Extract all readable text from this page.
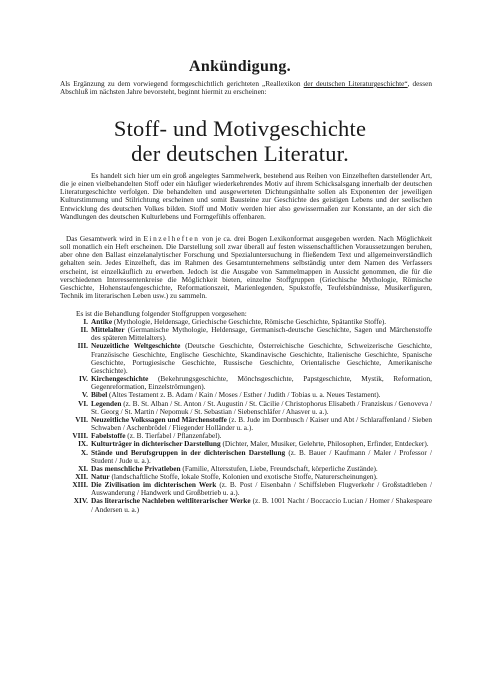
Ankündigung.
Als Ergänzung zu dem vorwiegend formgeschichtlich gerichteten „Reallexikon der deutschen Literaturgeschichte“, dessen Abschluß im nächsten Jahre bevorsteht, beginnt hiermit zu erscheinen:
Stoff- und Motivgeschichte
der deutschen Literatur.
Es handelt sich hier um ein groß angelegtes Sammelwerk, bestehend aus Reihen von Einzelheften darstellender Art, die je einen vielbehandelten Stoff oder ein häufiger wiederkehrendes Motiv auf ihrem Schicksalsgang innerhalb der deutschen Literaturgeschichte verfolgen. Die behandelten und ausgewerteten Dichtungsinhalte sollen als Exponenten der jeweiligen Kulturstimmung und Stilrichtung erscheinen und somit Bausteine zur Geschichte des geistigen Lebens und der seelischen Entwicklung des deutschen Volkes bilden. Stoff und Motiv werden hier also gewissermaßen zur Konstante, an der sich die Wandlungen des deutschen Kulturlebens und Formgefühls offenbaren.
Das Gesamtwerk wird in Einzelheften von je ca. drei Bogen Lexikonformat ausgegeben werden. Nach Möglichkeit soll monatlich ein Heft erscheinen. Die Darstellung soll zwar überall auf festen wissenschaftlichen Voraussetzungen beruhen, aber ohne den Ballast einzelanalytischer Forschung und Spezialuntersuchung in fließendem Text und allgemeinverständlich gehalten sein. Jedes Einzelheft, das im Rahmen des Gesamtunternehmens selbständig unter dem Namen des Verfassers erscheint, ist einzelkäuflich zu erwerben. Jedoch ist die Ausgabe von Sammelmappen in Aussicht genommen, die für die verschiedenen Interessentenkreise die Möglichkeit bieten, einzelne Stoffgruppen (Griechische Mythologie, Römische Geschichte, Hohenstaufengeschichte, Reformationszeit, Marienlegenden, Spukstoffe, Teufelsbündnisse, Musikerfiguren, Technik im literarischen Leben usw.) zu sammeln.
Es ist die Behandlung folgender Stoffgruppen vorgesehen:
I. Antike (Mythologie, Heldensage, Griechische Geschichte, Römische Geschichte, Spätantike Stoffe).
II. Mittelalter (Germanische Mythologie, Heldensage, Germanisch-deutsche Geschichte, Sagen und Märchenstoffe des späteren Mittelalters).
III. Neuzeitliche Weltgeschichte (Deutsche Geschichte, Österreichische Geschichte, Schweizerische Geschichte, Französische Geschichte, Englische Geschichte, Skandinavische Geschichte, Italienische Geschichte, Spanische Geschichte, Portugiesische Geschichte, Russische Geschichte, Orientalische Geschichte, Amerikanische Geschichte).
IV. Kirchengeschichte (Bekehrungsgeschichte, Mönchsgeschichte, Papstgeschichte, Mystik, Reformation, Gegenreformation, Einzelströmungen).
V. Bibel (Altes Testament z. B. Adam / Kain / Moses / Esther / Judith / Tobias u. a. Neues Testament).
VI. Legenden (z. B. St. Alban / St. Anton / St. Augustin / St. Cäcilie / Christophorus Elisabeth / Franziskus / Genoveva / St. Georg / St. Martin / Nepomuk / St. Sebastian / Siebenschläfer / Ahasver u. a.).
VII. Neuzeitliche Volkssagen und Märchenstoffe (z. B. Jude im Dornbusch / Kaiser und Abt / Schlaraffenland / Sieben Schwaben / Aschenbrödel / Fliegender Holländer u. a.).
VIII. Fabelstoffe (z. B. Tierfabel / Pflanzenfabel).
IX. Kulturträger in dichterischer Darstellung (Dichter, Maler, Musiker, Gelehrte, Philosophen, Erfinder, Entdecker).
X. Stände und Berufsgruppen in der dichterischen Darstellung (z. B. Bauer / Kaufmann / Maler / Professor / Student / Jude u. a.).
XI. Das menschliche Privatleben (Familie, Altersstufen, Liebe, Freundschaft, körperliche Zustände).
XII. Natur (landschaftliche Stoffe, lokale Stoffe, Kolonien und exotische Stoffe, Naturerscheinungen).
XIII. Die Zivilisation im dichterischen Werk (z. B. Post / Eisenbahn / Schiffsleben Flugverkehr / Großstadtleben / Auswanderung / Handwerk und Großbetrieb u. a.).
XIV. Das literarische Nachleben weltliterarischer Werke (z. B. 1001 Nacht / Boccaccio Lucian / Homer / Shakespeare / Andersen u. a.)
